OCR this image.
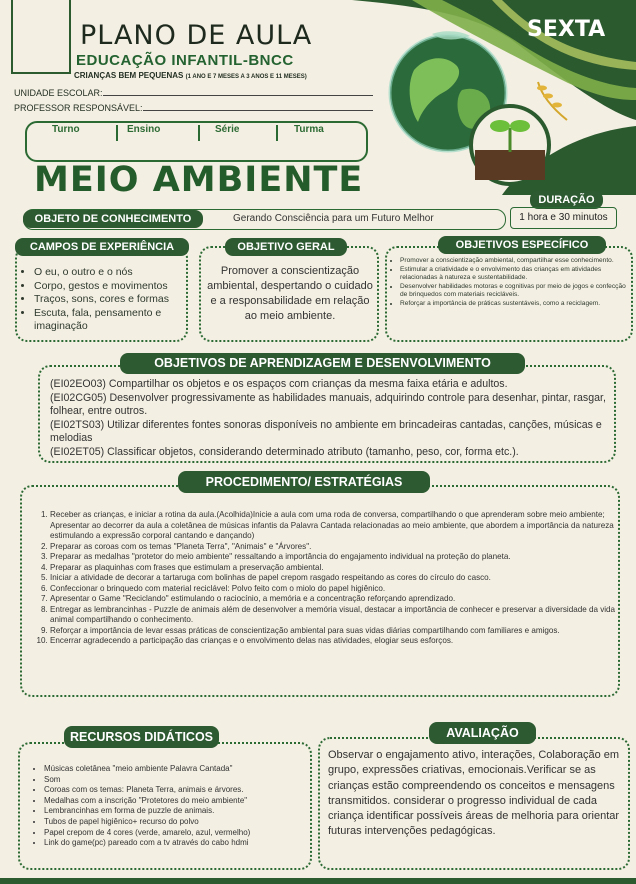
PLANO DE AULA
EDUCAÇÃO INFANTIL-BNCC
CRIANÇAS BEM PEQUENAS (1 ANO E 7 MESES A 3 ANOS E 11 MESES)
UNIDADE ESCOLAR:
PROFESSOR RESPONSÁVEL:
SEXTA
Turno	Ensino	Série	Turma
MEIO AMBIENTE	DURAÇÃO
1 hora e 30 minutos
OBJETO DE CONHECIMENTO	Gerando Consciência para um Futuro Melhor
CAMPOS DE EXPERIÊNCIA
• O eu, o outro e o nós
• Corpo, gestos e movimentos
• Traços, sons, cores e formas
• Escuta, fala, pensamento e imaginação
OBJETIVO GERAL
Promover a conscientização ambiental, despertando o cuidado e a responsabilidade em relação ao meio ambiente.
OBJETIVOS ESPECÍFICO
• Promover a conscientização ambiental, compartilhar esse conhecimento.
• Estimular a criatividade e o envolvimento das crianças em atividades relacionadas à natureza e sustentabilidade.
• Desenvolver habilidades motoras e cognitivas por meio de jogos e confecção de brinquedos com materiais recicláveis.
• Reforçar a importância de práticas sustentáveis, como a reciclagem.
OBJETIVOS DE APRENDIZAGEM E DESENVOLVIMENTO
(EI02EO03) Compartilhar os objetos e os espaços com crianças da mesma faixa etária e adultos.
(EI02CG05) Desenvolver progressivamente as habilidades manuais, adquirindo controle para desenhar, pintar, rasgar, folhear, entre outros.
(EI02TS03) Utilizar diferentes fontes sonoras disponíveis no ambiente em brincadeiras cantadas, canções, músicas e melodias
(EI02ET05) Classificar objetos, considerando determinado atributo (tamanho, peso, cor, forma etc.).
PROCEDIMENTO/ ESTRATÉGIAS
1. Receber as crianças, e iniciar a rotina da aula.(Acolhida)Inicie a aula com uma roda de conversa, compartilhando o que aprenderam sobre meio ambiente; Apresentar ao decorrer da aula a coletânea de músicas infantis da Palavra Cantada relacionadas ao meio ambiente, que abordem a importância da natureza estimulando a expressão corporal cantando e dançando)
2. Preparar as coroas com os temas "Planeta Terra", "Animais" e "Árvores".
3. Preparar as medalhas "protetor do meio ambiente" ressaltando a importância do engajamento individual na proteção do planeta.
4. Preparar as plaquinhas com frases que estimulam a preservação ambiental.
5. Iniciar a atividade de decorar a tartaruga com bolinhas de papel crepom rasgado respeitando as cores do círculo do casco.
6. Confeccionar o brinquedo com material reciclável: Polvo feito com o miolo do papel higiênico.
7. Apresentar o Game "Reciclando" estimulando o raciocínio, a memória e a concentração reforçando aprendizado.
8. Entregar as lembrancinhas - Puzzle de animais além de desenvolver a memória visual, destacar a importância de conhecer e preservar a diversidade da vida animal compartilhando o conhecimento.
9. Reforçar a importância de levar essas práticas de conscientização ambiental para suas vidas diárias compartilhando com familiares e amigos.
10. Encerrar agradecendo a participação das crianças e o envolvimento delas nas atividades, elogiar seus esforços.
RECURSOS DIDÁTICOS
• Músicas coletânea "meio ambiente Palavra Cantada"
• Som
• Coroas com os temas: Planeta Terra, animais e árvores.
• Medalhas com a inscrição "Protetores do meio ambiente"
• Lembrancinhas em forma de puzzle de animais.
• Tubos de papel higiênico+ recurso do polvo
• Papel crepom de 4 cores (verde, amarelo, azul, vermelho)
• Link do game(pc) pareado com a tv através do cabo hdmi
AVALIAÇÃO
Observar o engajamento ativo, interações, Colaboração em grupo, expressões criativas, emocionais.Verificar se as crianças estão compreendendo os conceitos e mensagens transmitidos. considerar o progresso individual de cada criança identificar possíveis áreas de melhoria para orientar futuras intervenções pedagógicas.
